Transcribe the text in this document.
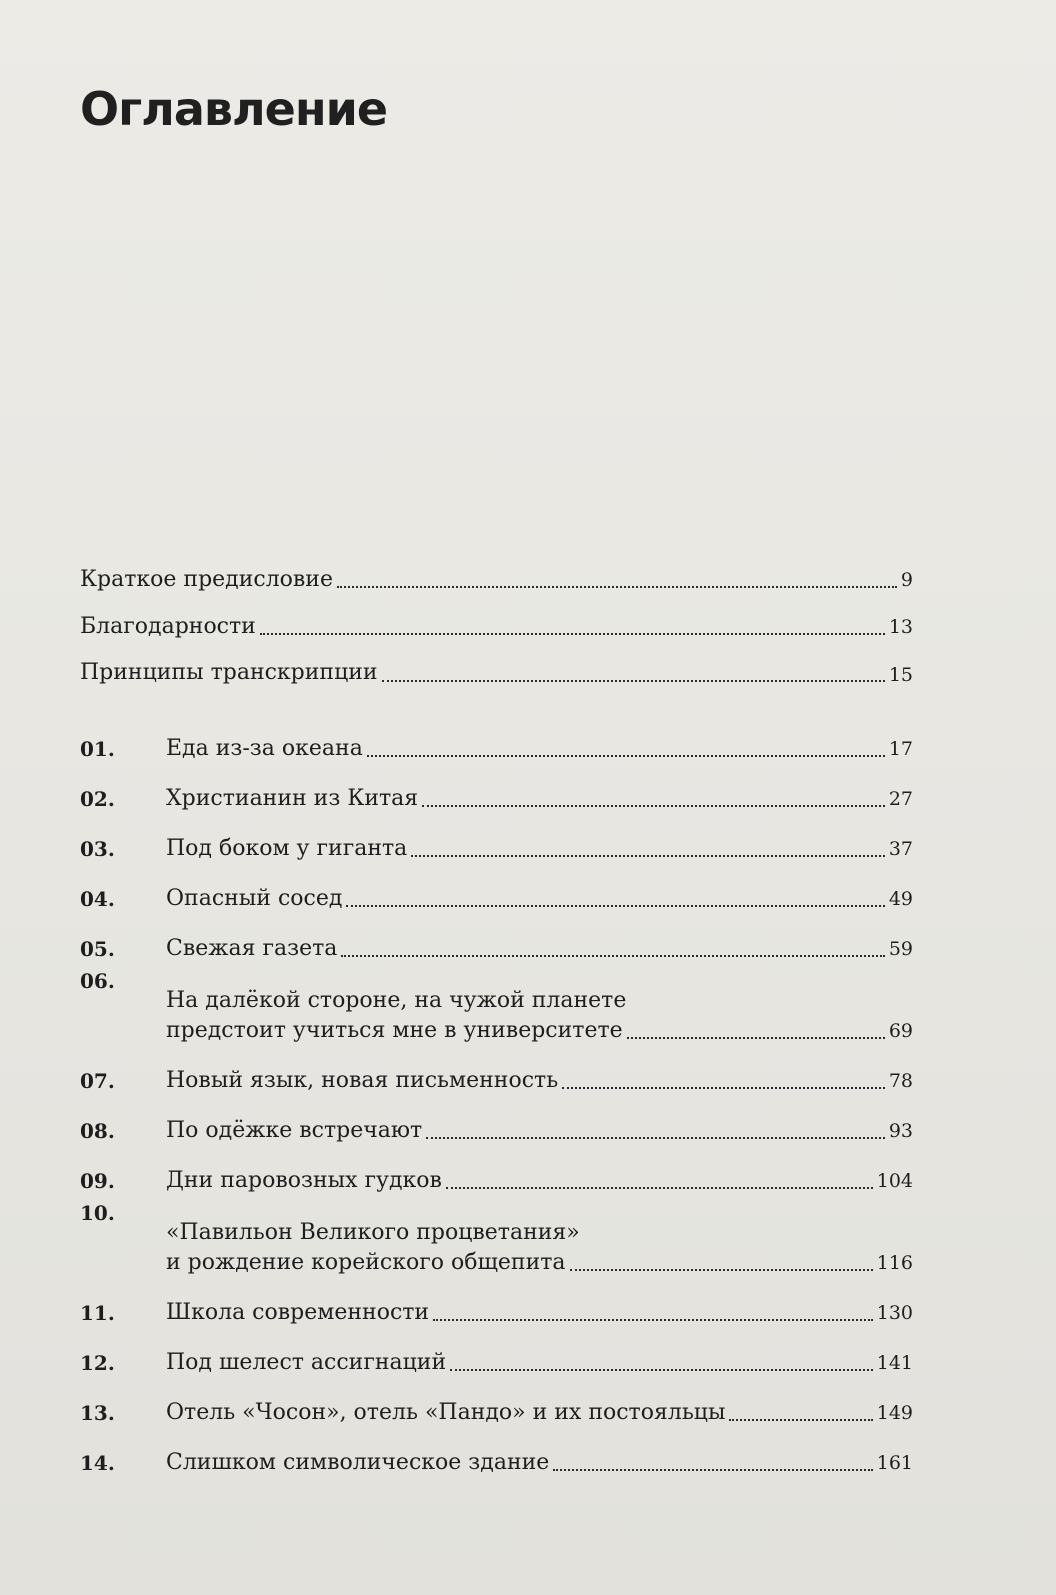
Оглавление
Краткое предисловие	9
Благодарности	13
Принципы транскрипции	15
01.	Еда из-за океана	17
02.	Христианин из Китая	27
03.	Под боком у гиганта	37
04.	Опасный сосед	49
05.	Свежая газета	59
06.
На далёкой стороне, на чужой планете
предстоит учиться мне в университете	69
07.	Новый язык, новая письменность	78
08.	По одёжке встречают	93
09.	Дни паровозных гудков	104
10.
«Павильон Великого процветания»
и рождение корейского общепита	116
11.	Школа современности	130
12.	Под шелест ассигнаций	141
13.	Отель «Чосон», отель «Пандо» и их постояльцы	149
14.	Слишком символическое здание	161
